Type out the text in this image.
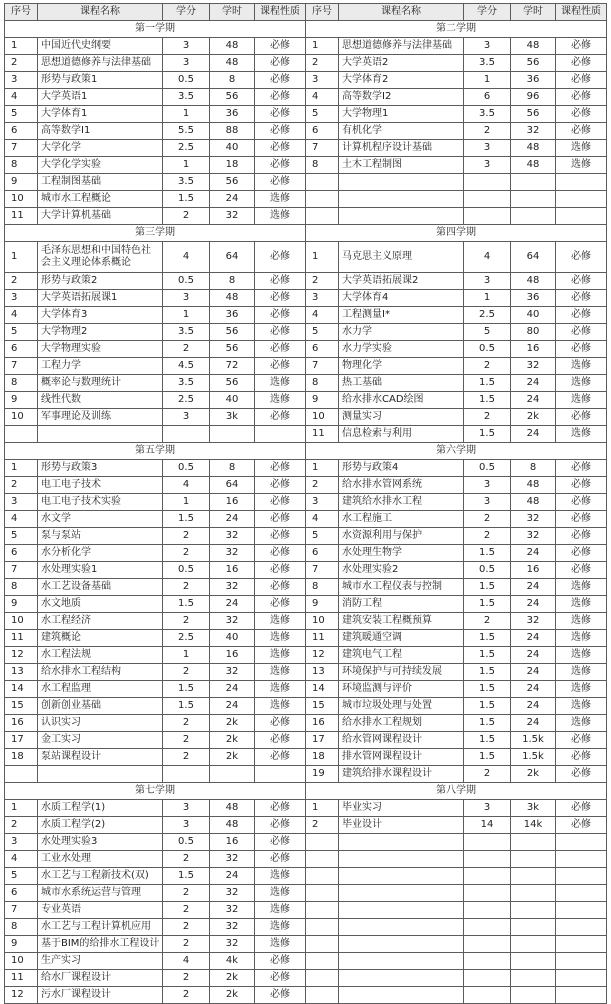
序号	课程名称	学分	学时	课程性质
第一学期				
1	中国近代史纲要	3	48	必修
2	思想道德修养与法律基础	3	48	必修
3	形势与政策1	0.5	8	必修
4	大学英语1	3.5	56	必修
5	大学体育1	1	36	必修
6	高等数学I1	5.5	88	必修
7	大学化学	2.5	40	必修
8	大学化学实验	1	18	必修
9	工程制图基础	3.5	56	必修
10	城市水工程概论	1.5	24	选修
11	大学计算机基础	2	32	选修
第三学期				
1	毛泽东思想和中国特色社会主义理论体系概论	4	64	必修
2	形势与政策2	0.5	8	必修
3	大学英语拓展课1	3	48	必修
4	大学体育3	1	36	必修
5	大学物理2	3.5	56	必修
6	大学物理实验	2	56	必修
7	工程力学	4.5	72	必修
8	概率论与数理统计	3.5	56	选修
9	线性代数	2.5	40	选修
10	军事理论及训练	3	3k	必修

第五学期				
1	形势与政策3	0.5	8	必修
2	电工电子技术	4	64	必修
3	电工电子技术实验	1	16	必修
4	水文学	1.5	24	必修
5	泵与泵站	2	32	必修
6	水分析化学	2	32	必修
7	水处理实验1	0.5	16	必修
8	水工艺设备基础	2	32	必修
9	水文地质	1.5	24	必修
10	水工程经济	2	32	选修
11	建筑概论	2.5	40	选修
12	水工程法规	1	16	选修
13	给水排水工程结构	2	32	选修
14	水工程监理	1.5	24	选修
15	创新创业基础	1.5	24	选修
16	认识实习	2	2k	必修
17	金工实习	2	2k	必修
18	泵站课程设计	2	2k	必修

第七学期				
1	水质工程学(1)	3	48	必修
2	水质工程学(2)	3	48	必修
3	水处理实验3	0.5	16	必修
4	工业水处理	2	32	必修
5	水工艺与工程新技术(双)	1.5	24	选修
6	城市水系统运营与管理	2	32	选修
7	专业英语	2	32	选修
8	水工艺与工程计算机应用	2	32	选修
9	基于BIM的给排水工程设计	2	32	选修
10	生产实习	4	4k	必修
11	给水厂课程设计	2	2k	必修
12	污水厂课程设计	2	2k	必修
序号	课程名称	学分	学时	课程性质
第二学期				
1	思想道德修养与法律基础	3	48	必修
2	大学英语2	3.5	56	必修
3	大学体育2	1	36	必修
4	高等数学I2	6	96	必修
5	大学物理1	3.5	56	必修
6	有机化学	2	32	必修
7	计算机程序设计基础	3	48	选修
8	土木工程制图	3	48	选修

第四学期				
1	马克思主义原理	4	64	必修
2	大学英语拓展课2	3	48	必修
3	大学体育4	1	36	必修
4	工程测量Ⅰ*	2.5	40	必修
5	水力学	5	80	必修
6	水力学实验	0.5	16	必修
7	物理化学	2	32	选修
8	热工基础	1.5	24	选修
9	给水排水CAD绘图	1.5	24	选修
10	测量实习	2	2k	必修
11	信息检索与利用	1.5	24	选修
第六学期				
1	形势与政策4	0.5	8	必修
2	给水排水管网系统	3	48	必修
3	建筑给水排水工程	3	48	必修
4	水工程施工	2	32	必修
5	水资源利用与保护	2	32	必修
6	水处理生物学	1.5	24	必修
7	水处理实验2	0.5	16	必修
8	城市水工程仪表与控制	1.5	24	选修
9	消防工程	1.5	24	选修
10	建筑安装工程概预算	2	32	选修
11	建筑暖通空调	1.5	24	选修
12	建筑电气工程	1.5	24	选修
13	环境保护与可持续发展	1.5	24	选修
14	环境监测与评价	1.5	24	选修
15	城市垃圾处理与处置	1.5	24	选修
16	给水排水工程规划	1.5	24	选修
17	给水管网课程设计	1.5	1.5k	必修
18	排水管网课程设计	1.5	1.5k	必修
19	建筑给排水课程设计	2	2k	必修
第八学期				
1	毕业实习	3	3k	必修
2	毕业设计	14	14k	必修
